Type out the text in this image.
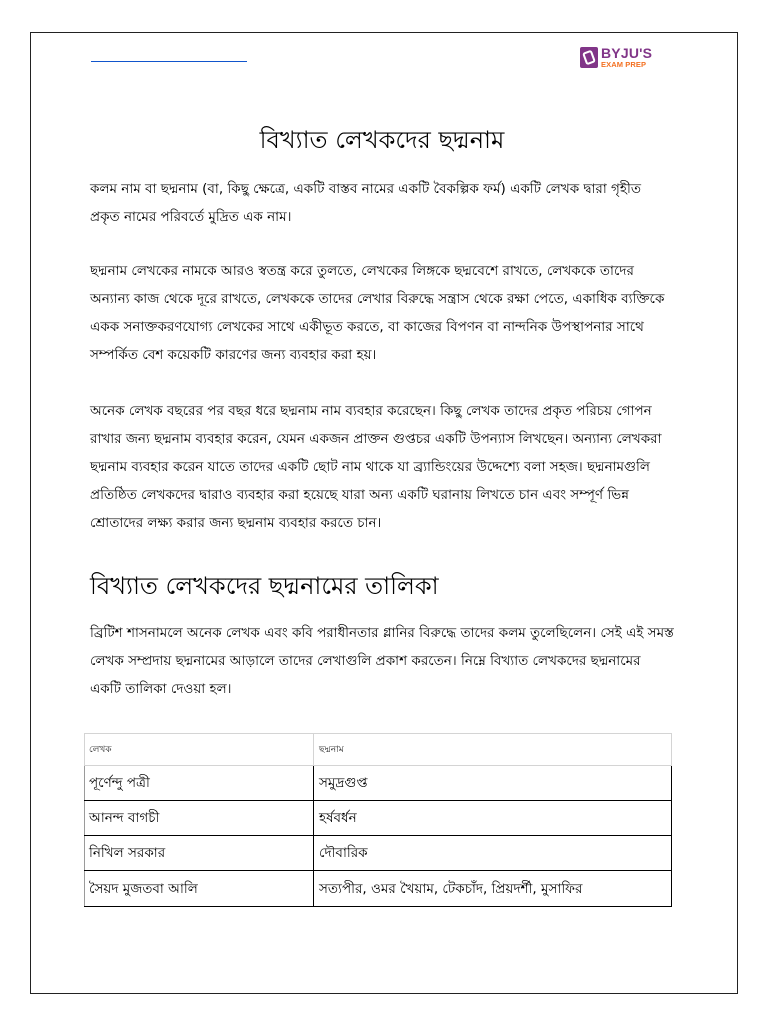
BYJU'S
EXAM PREP
বিখ্যাত লেখকদের ছদ্মনাম

কলম নাম বা ছদ্মনাম (বা, কিছু ক্ষেত্রে, একটি বাস্তব নামের একটি বৈকল্পিক ফর্ম) একটি লেখক দ্বারা গৃহীত প্রকৃত নামের পরিবর্তে মুদ্রিত এক নাম।

ছদ্মনাম লেখকের নামকে আরও স্বতন্ত্র করে তুলতে, লেখকের লিঙ্গকে ছদ্মবেশে রাখতে, লেখককে তাদের অন্যান্য কাজ থেকে দূরে রাখতে, লেখককে তাদের লেখার বিরুদ্ধে সন্ত্রাস থেকে রক্ষা পেতে, একাধিক ব্যক্তিকে একক সনাক্তকরণযোগ্য লেখকের সাথে একীভূত করতে, বা কাজের বিপণন বা নান্দনিক উপস্থাপনার সাথে সম্পর্কিত বেশ কয়েকটি কারণের জন্য ব্যবহার করা হয়।

অনেক লেখক বছরের পর বছর ধরে ছদ্মনাম নাম ব্যবহার করেছেন। কিছু লেখক তাদের প্রকৃত পরিচয় গোপন রাখার জন্য ছদ্মনাম ব্যবহার করেন, যেমন একজন প্রাক্তন গুপ্তচর একটি উপন্যাস লিখছেন। অন্যান্য লেখকরা ছদ্মনাম ব্যবহার করেন যাতে তাদের একটি ছোট নাম থাকে যা ব্র্যান্ডিংয়ের উদ্দেশ্যে বলা সহজ। ছদ্মনামগুলি প্রতিষ্ঠিত লেখকদের দ্বারাও ব্যবহার করা হয়েছে যারা অন্য একটি ঘরানায় লিখতে চান এবং সম্পূর্ণ ভিন্ন শ্রোতাদের লক্ষ্য করার জন্য ছদ্মনাম ব্যবহার করতে চান।

বিখ্যাত লেখকদের ছদ্মনামের তালিকা

ব্রিটিশ শাসনামলে অনেক লেখক এবং কবি পরাধীনতার গ্লানির বিরুদ্ধে তাদের কলম তুলেছিলেন। সেই এই সমস্ত লেখক সম্প্রদায় ছদ্মনামের আড়ালে তাদের লেখাগুলি প্রকাশ করতেন। নিম্নে বিখ্যাত লেখকদের ছদ্মনামের একটি তালিকা দেওয়া হল।

লেখক	ছদ্মনাম
পূর্ণেন্দু পত্রী	সমুদ্রগুপ্ত
আনন্দ বাগচী	হর্ষবর্ধন
নিখিল সরকার	দৌবারিক
সৈয়দ মুজতবা আলি	সত্যপীর, ওমর খৈয়াম, টেকচাঁদ, প্রিয়দর্শী, মুসাফির
